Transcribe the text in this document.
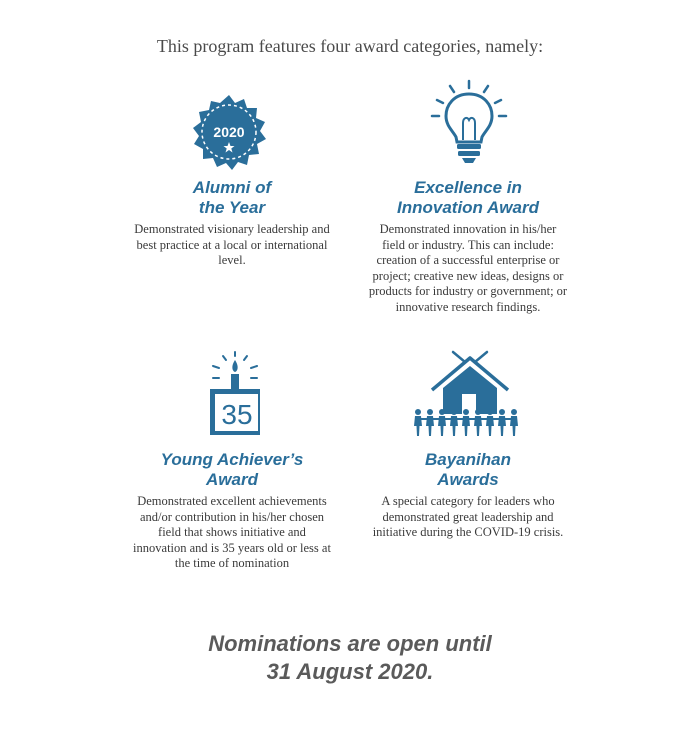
This program features four award categories, namely:
2020
Alumni of
the Year
Demonstrated visionary leadership and best practice at a local or international level.
Excellence in
Innovation Award
Demonstrated innovation in his/her field or industry. This can include: creation of a successful enterprise or project; creative new ideas, designs or products for industry or government; or innovative research findings.
35
Young Achiever’s
Award
Demonstrated excellent achievements and/or contribution in his/her chosen field that shows initiative and innovation and is 35 years old or less at the time of nomination
Bayanihan
Awards
A special category for leaders who demonstrated great leadership and initiative during the COVID-19 crisis.
Nominations are open until
31 August 2020.
